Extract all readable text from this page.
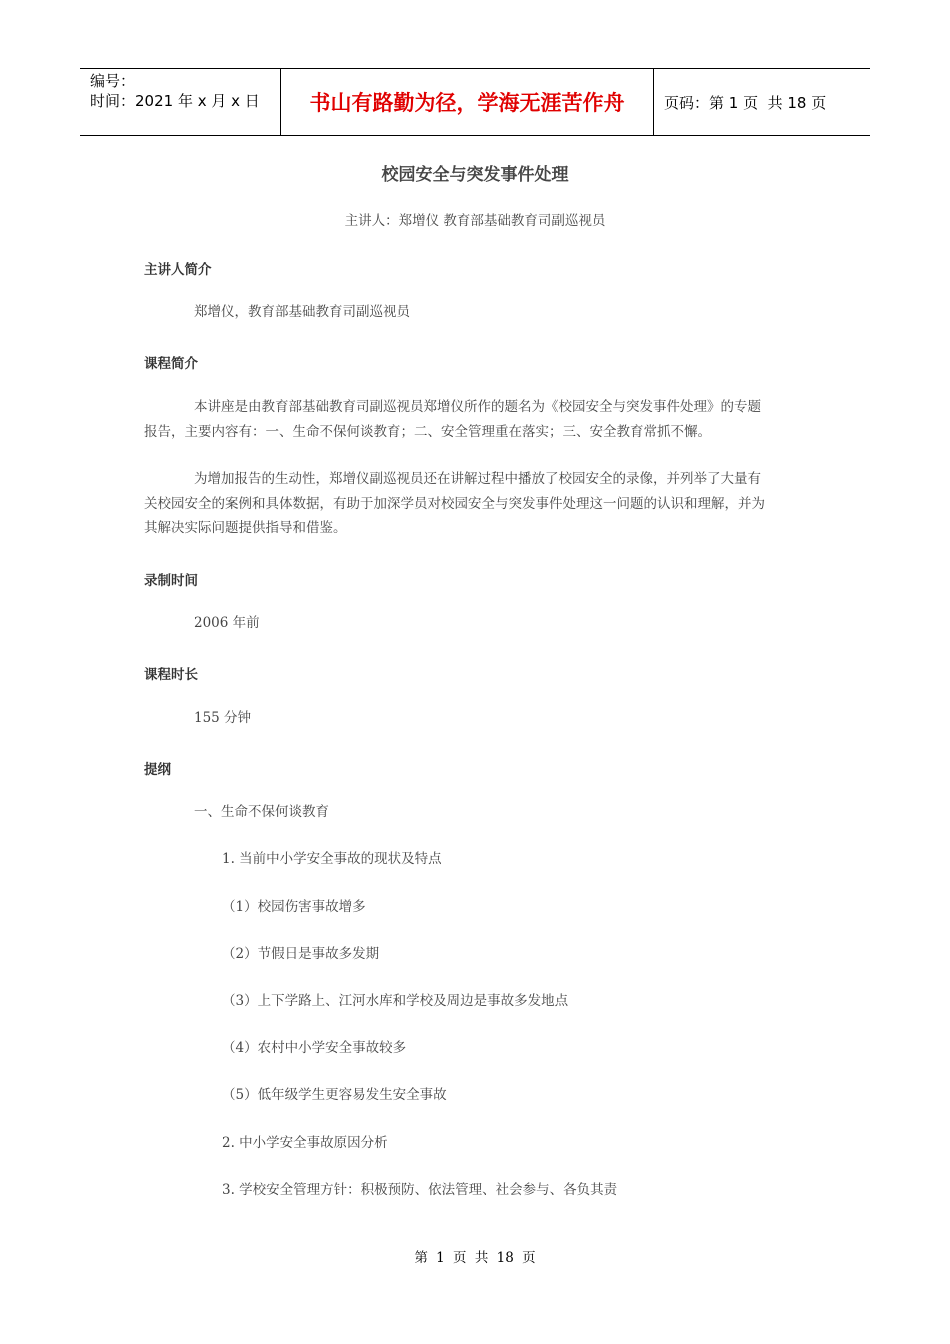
编号：
时间：2021 年 x 月 x 日	书山有路勤为径，学海无涯苦作舟	页码：第 1 页  共 18 页
校园安全与突发事件处理
主讲人：郑增仪 教育部基础教育司副巡视员
主讲人简介
郑增仪，教育部基础教育司副巡视员
课程简介
本讲座是由教育部基础教育司副巡视员郑增仪所作的题名为《校园安全与突发事件处理》的专题
报告，主要内容有：一、生命不保何谈教育；二、安全管理重在落实；三、安全教育常抓不懈。
为增加报告的生动性，郑增仪副巡视员还在讲解过程中播放了校园安全的录像，并列举了大量有
关校园安全的案例和具体数据，有助于加深学员对校园安全与突发事件处理这一问题的认识和理解，并为
其解决实际问题提供指导和借鉴。
录制时间
2006 年前
课程时长
155 分钟
提纲
一、生命不保何谈教育
1. 当前中小学安全事故的现状及特点
（1）校园伤害事故增多
（2）节假日是事故多发期
（3）上下学路上、江河水库和学校及周边是事故多发地点
（4）农村中小学安全事故较多
（5）低年级学生更容易发生安全事故
2. 中小学安全事故原因分析
3. 学校安全管理方针：积极预防、依法管理、社会参与、各负其责
第 1 页 共 18 页
